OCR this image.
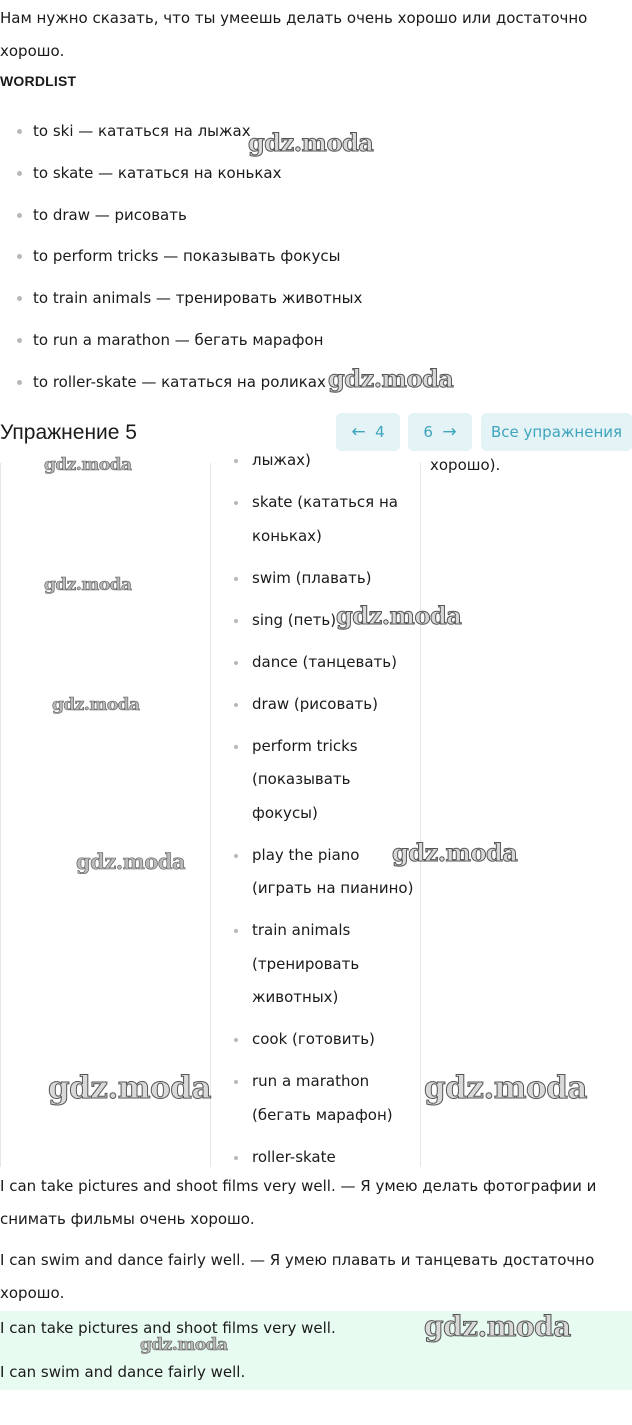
Нам нужно сказать, что ты умеешь делать очень хорошо или достаточно хорошо.
WORDLIST
to ski — кататься на лыжах
to skate — кататься на коньках
to draw — рисовать
to perform tricks — показывать фокусы
to train animals — тренировать животных
to run a marathon — бегать марафон
to roller-skate — кататься на роликах
Упражнение 5	← 4	6 →	Все упражнения
хорошо).
лыжах)
skate (кататься на коньках)
swim (плавать)
sing (петь)
dance (танцевать)
draw (рисовать)
perform tricks (показывать фокусы)
play the piano (играть на пианино)
train animals (тренировать животных)
cook (готовить)
run a marathon (бегать марафон)
roller-skate
I can take pictures and shoot films very well. — Я умею делать фотографии и снимать фильмы очень хорошо.
I can swim and dance fairly well. — Я умею плавать и танцевать достаточно хорошо.
I can take pictures and shoot films very well.
I can swim and dance fairly well.
gdz.moda
gdz.moda
gdz.moda
gdz.moda
gdz.moda
gdz.moda
gdz.moda
gdz.moda
gdz.moda	gdz.moda
gdz.moda
gdz.moda
